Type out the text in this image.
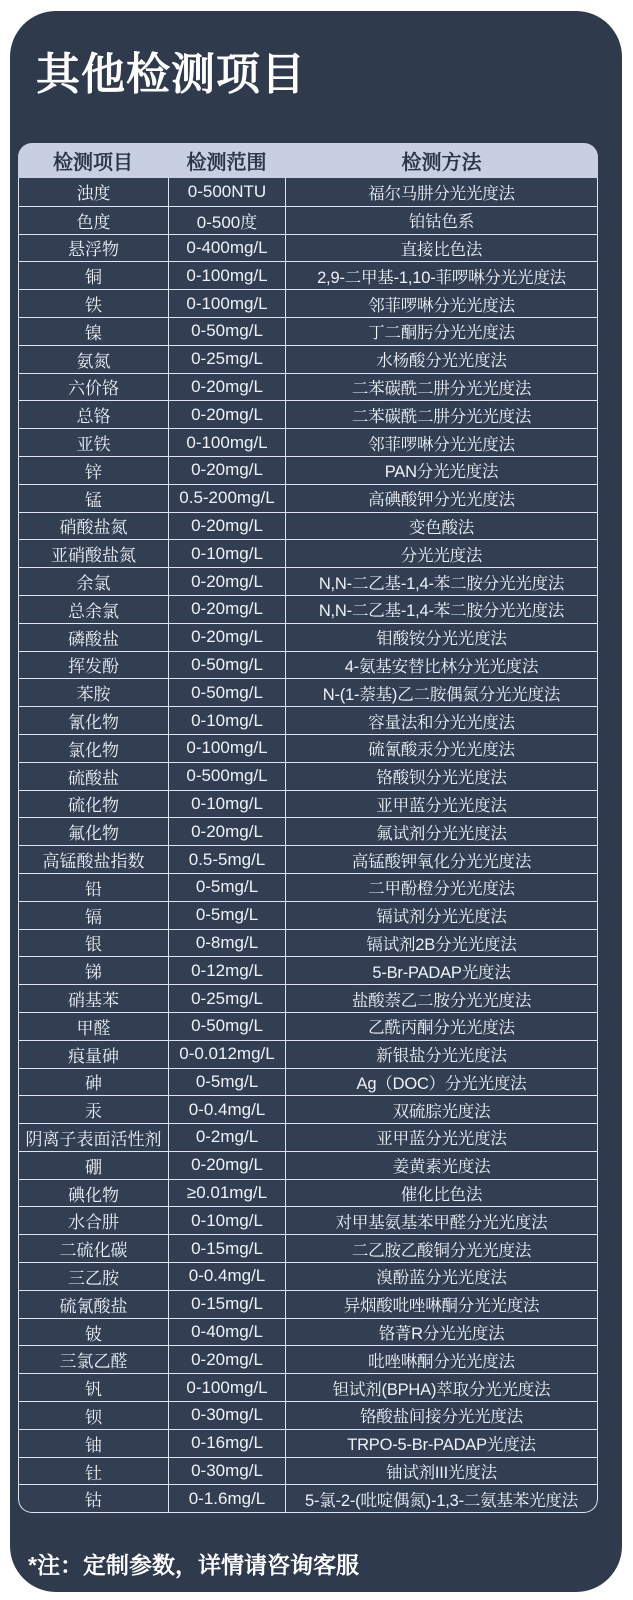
其他检测项目
检测项目	检测范围	检测方法
浊度	0-500NTU	福尔马肼分光光度法
色度	0-500度	铂钴色系
悬浮物	0-400mg/L	直接比色法
铜	0-100mg/L	2,9-二甲基-1,10-菲啰啉分光光度法
铁	0-100mg/L	邻菲啰啉分光光度法
镍	0-50mg/L	丁二酮肟分光光度法
氨氮	0-25mg/L	水杨酸分光光度法
六价铬	0-20mg/L	二苯碳酰二肼分光光度法
总铬	0-20mg/L	二苯碳酰二肼分光光度法
亚铁	0-100mg/L	邻菲啰啉分光光度法
锌	0-20mg/L	PAN分光光度法
锰	0.5-200mg/L	高碘酸钾分光光度法
硝酸盐氮	0-20mg/L	变色酸法
亚硝酸盐氮	0-10mg/L	分光光度法
余氯	0-20mg/L	N,N-二乙基-1,4-苯二胺分光光度法
总余氯	0-20mg/L	N,N-二乙基-1,4-苯二胺分光光度法
磷酸盐	0-20mg/L	钼酸铵分光光度法
挥发酚	0-50mg/L	4-氨基安替比林分光光度法
苯胺	0-50mg/L	N-(1-萘基)乙二胺偶氮分光光度法
氰化物	0-10mg/L	容量法和分光光度法
氯化物	0-100mg/L	硫氰酸汞分光光度法
硫酸盐	0-500mg/L	铬酸钡分光光度法
硫化物	0-10mg/L	亚甲蓝分光光度法
氟化物	0-20mg/L	氟试剂分光光度法
高锰酸盐指数	0.5-5mg/L	高锰酸钾氧化分光光度法
铅	0-5mg/L	二甲酚橙分光光度法
镉	0-5mg/L	镉试剂分光光度法
银	0-8mg/L	镉试剂2B分光光度法
锑	0-12mg/L	5-Br-PADAP光度法
硝基苯	0-25mg/L	盐酸萘乙二胺分光光度法
甲醛	0-50mg/L	乙酰丙酮分光光度法
痕量砷	0-0.012mg/L	新银盐分光光度法
砷	0-5mg/L	Ag（DOC）分光光度法
汞	0-0.4mg/L	双硫腙光度法
阴离子表面活性剂	0-2mg/L	亚甲蓝分光光度法
硼	0-20mg/L	姜黄素光度法
碘化物	≥0.01mg/L	催化比色法
水合肼	0-10mg/L	对甲基氨基苯甲醛分光光度法
二硫化碳	0-15mg/L	二乙胺乙酸铜分光光度法
三乙胺	0-0.4mg/L	溴酚蓝分光光度法
硫氰酸盐	0-15mg/L	异烟酸吡唑啉酮分光光度法
铍	0-40mg/L	铬菁R分光光度法
三氯乙醛	0-20mg/L	吡唑啉酮分光光度法
钒	0-100mg/L	钽试剂(BPHA)萃取分光光度法
钡	0-30mg/L	铬酸盐间接分光光度法
铀	0-16mg/L	TRPO-5-Br-PADAP光度法
钍	0-30mg/L	铀试剂III光度法
钴	0-1.6mg/L	5-氯-2-(吡啶偶氮)-1,3-二氨基苯光度法
*注：定制参数，详情请咨询客服
